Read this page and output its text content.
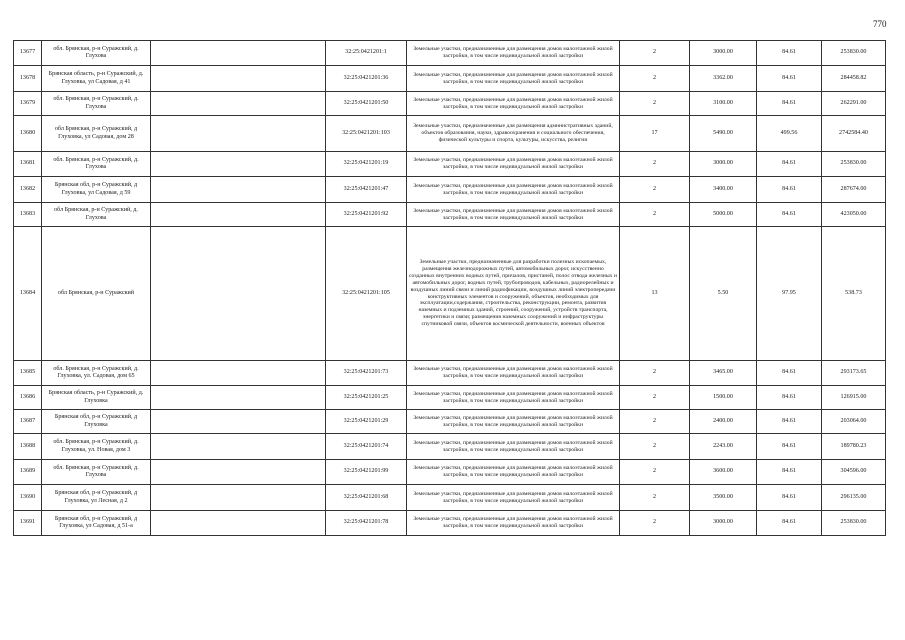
770
13677	обл. Брянская, р-н Суражский, д. Глухова		32:25:0421201:1	Земельные участки, предназначенные для размещения домов малоэтажной жилой застройки, в том числе индивидуальной жилой застройки	2	3000.00	84.61	253830.00
13678	Брянская область, р-н Суражский, д. Глуховка, ул Садовая, д 41		32:25:0421201:36	Земельные участки, предназначенные для размещения домов малоэтажной жилой застройки, в том числе индивидуальной жилой застройки	2	3362.00	84.61	284458.82
13679	обл. Брянская, р-н Суражский, д. Глухова		32:25:0421201:50	Земельные участки, предназначенные для размещения домов малоэтажной жилой застройки, в том числе индивидуальной жилой застройки	2	3100.00	84.61	262291.00
13680	обл Брянская, р-н Суражский, д Глуховка, ул Садовая, дом 28		32:25:0421201:103	Земельные участки, предназначенные для размещения административных зданий, объектов образования, науки, здравоохранения и социального обеспечения, физической культуры и спорта, культуры, искусства, религии	17	5490.00	499.56	2742584.40
13681	обл. Брянская, р-н Суражский, д. Глухова		32:25:0421201:19	Земельные участки, предназначенные для размещения домов малоэтажной жилой застройки, в том числе индивидуальной жилой застройки	2	3000.00	84.61	253830.00
13682	Брянская обл, р-н Суражский, д Глуховка, ул Садовая, д 59		32:25:0421201:47	Земельные участки, предназначенные для размещения домов малоэтажной жилой застройки, в том числе индивидуальной жилой застройки	2	3400.00	84.61	287674.00
13683	обл Брянская, р-н Суражский, д. Глухова		32:25:0421201:92	Земельные участки, предназначенные для размещения домов малоэтажной жилой застройки, в том числе индивидуальной жилой застройки	2	5000.00	84.61	423050.00
13684	обл Брянская, р-н Суражский		32:25:0421201:105	Земельные участки, предназначенные для разработки полезных ископаемых, размещения железнодорожных путей, автомобильных дорог, искусственно созданных внутренних водных путей, причалов, пристаней, полос отвода железных и автомобильных дорог, водных путей, трубопроводов, кабельных, радиорелейных и воздушных линий связи и линий радиофикации, воздушных линий электропередачи конструктивных элементов и сооружений, объектов, необходимых для эксплуатации,содержания, строительства, реконструкции, ремонта, развития наземных и подземных зданий, строений, сооружений, устройств транспорта, энергетики и связи; размещения наземных сооружений и инфраструктуры спутниковой связи, объектов космической деятельности, военных объектов	13	5.50	97.95	538.73
13685	обл. Брянская, р-н Суражский, д. Глуховка, ул. Садовая, дом 65		32:25:0421201:73	Земельные участки, предназначенные для размещения домов малоэтажной жилой застройки, в том числе индивидуальной жилой застройки	2	3465.00	84.61	293173.65
13686	Брянская область, р-н Суражский, д. Глуховка		32:25:0421201:25	Земельные участки, предназначенные для размещения домов малоэтажной жилой застройки, в том числе индивидуальной жилой застройки	2	1500.00	84.61	126915.00
13687	Брянская обл, р-н Суражский, д Глуховка		32:25:0421201:29	Земельные участки, предназначенные для размещения домов малоэтажной жилой застройки, в том числе индивидуальной жилой застройки	2	2400.00	84.61	203064.00
13688	обл. Брянская, р-н Суражский, д. Глуховка, ул. Новая, дом 3		32:25:0421201:74	Земельные участки, предназначенные для размещения домов малоэтажной жилой застройки, в том числе индивидуальной жилой застройки	2	2243.00	84.61	189780.23
13689	обл. Брянская, р-н Суражский, д. Глухова		32:25:0421201:99	Земельные участки, предназначенные для размещения домов малоэтажной жилой застройки, в том числе индивидуальной жилой застройки	2	3600.00	84.61	304596.00
13690	Брянская обл, р-н Суражский, д Глуховка, ул Лесная, д 2		32:25:0421201:68	Земельные участки, предназначенные для размещения домов малоэтажной жилой застройки, в том числе индивидуальной жилой застройки	2	3500.00	84.61	296135.00
13691	Брянская обл, р-н Суражский, д Глуховка, ул Садовая, д 51-а		32:25:0421201:78	Земельные участки, предназначенные для размещения домов малоэтажной жилой застройки, в том числе индивидуальной жилой застройки	2	3000.00	84.61	253830.00
